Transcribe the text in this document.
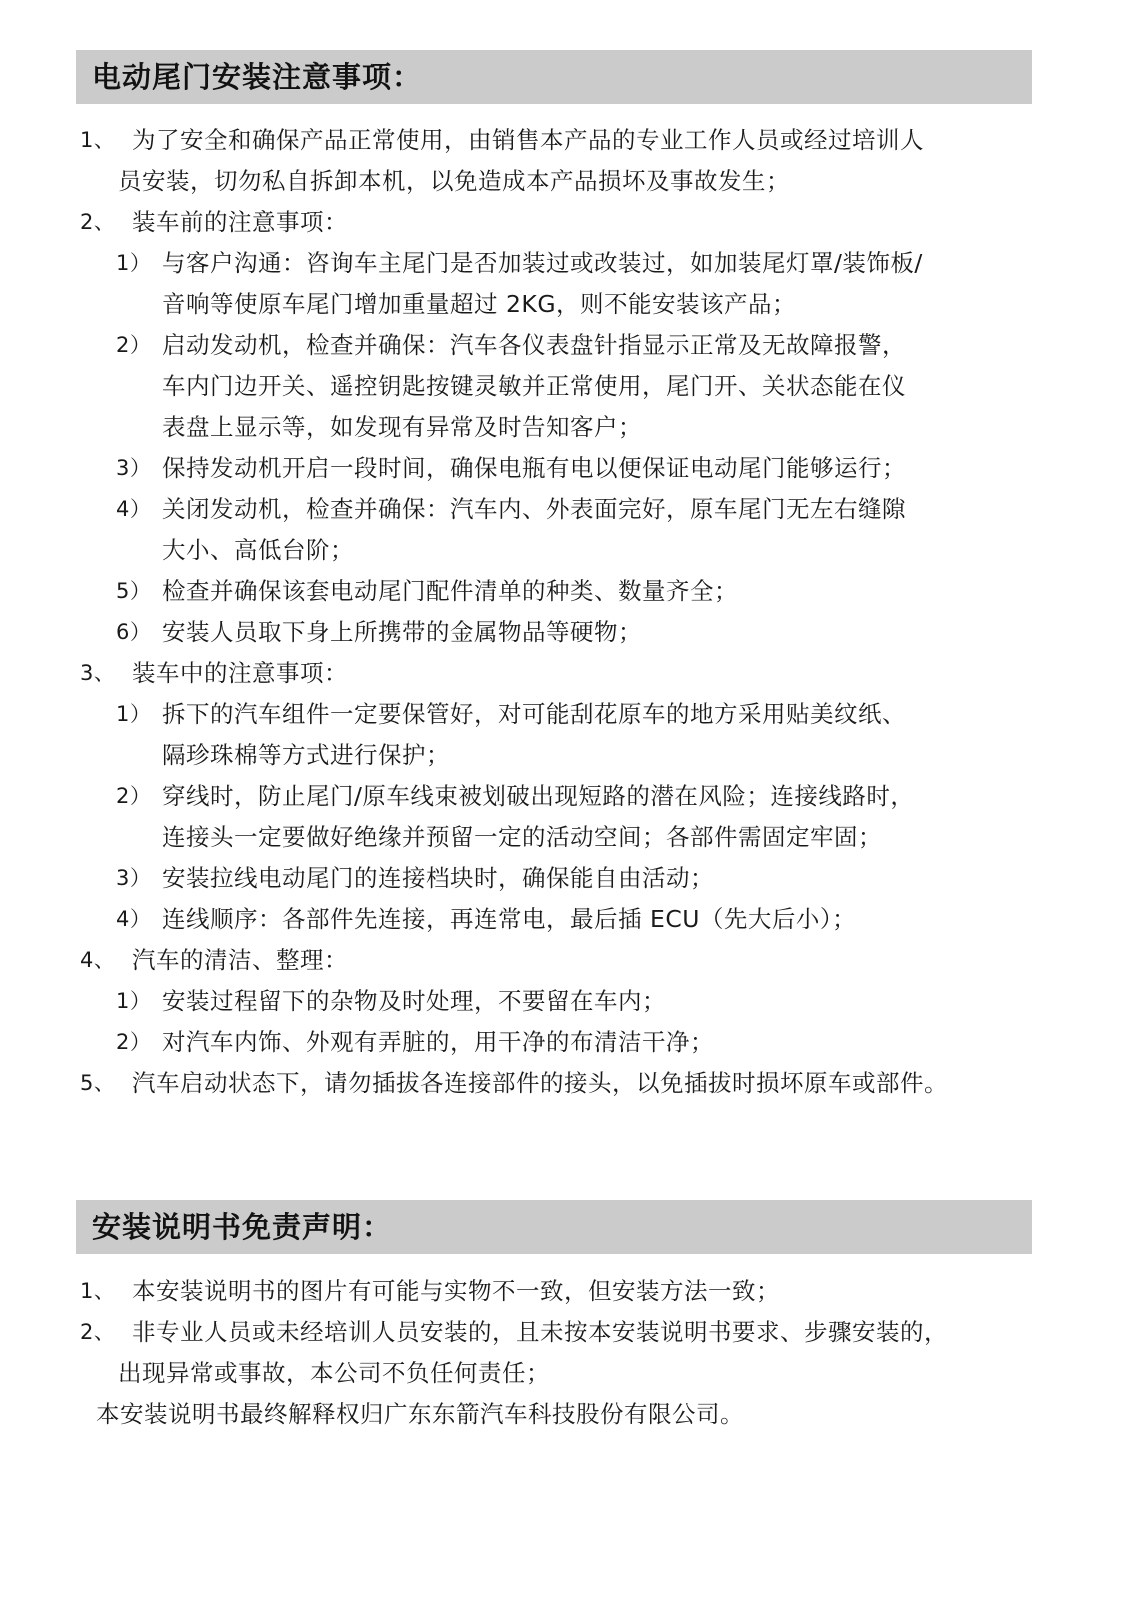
电动尾门安装注意事项：
1、 为了安全和确保产品正常使用，由销售本产品的专业工作人员或经过培训人
员安装，切勿私自拆卸本机，以免造成本产品损坏及事故发生；
2、 装车前的注意事项：
1） 与客户沟通：咨询车主尾门是否加装过或改装过，如加装尾灯罩/装饰板/
音响等使原车尾门增加重量超过 2KG，则不能安装该产品；
2） 启动发动机，检查并确保：汽车各仪表盘针指显示正常及无故障报警，
车内门边开关、遥控钥匙按键灵敏并正常使用，尾门开、关状态能在仪
表盘上显示等，如发现有异常及时告知客户；
3） 保持发动机开启一段时间，确保电瓶有电以便保证电动尾门能够运行；
4） 关闭发动机，检查并确保：汽车内、外表面完好，原车尾门无左右缝隙
大小、高低台阶；
5） 检查并确保该套电动尾门配件清单的种类、数量齐全；
6） 安装人员取下身上所携带的金属物品等硬物；
3、 装车中的注意事项：
1） 拆下的汽车组件一定要保管好，对可能刮花原车的地方采用贴美纹纸、
隔珍珠棉等方式进行保护；
2） 穿线时，防止尾门/原车线束被划破出现短路的潜在风险；连接线路时，
连接头一定要做好绝缘并预留一定的活动空间；各部件需固定牢固；
3） 安装拉线电动尾门的连接档块时，确保能自由活动；
4） 连线顺序：各部件先连接，再连常电，最后插 ECU（先大后小）；
4、 汽车的清洁、整理：
1） 安装过程留下的杂物及时处理，不要留在车内；
2） 对汽车内饰、外观有弄脏的，用干净的布清洁干净；
5、 汽车启动状态下，请勿插拔各连接部件的接头，以免插拔时损坏原车或部件。
安装说明书免责声明：
1、 本安装说明书的图片有可能与实物不一致，但安装方法一致；
2、 非专业人员或未经培训人员安装的，且未按本安装说明书要求、步骤安装的，
出现异常或事故，本公司不负任何责任；
本安装说明书最终解释权归广东东箭汽车科技股份有限公司。
